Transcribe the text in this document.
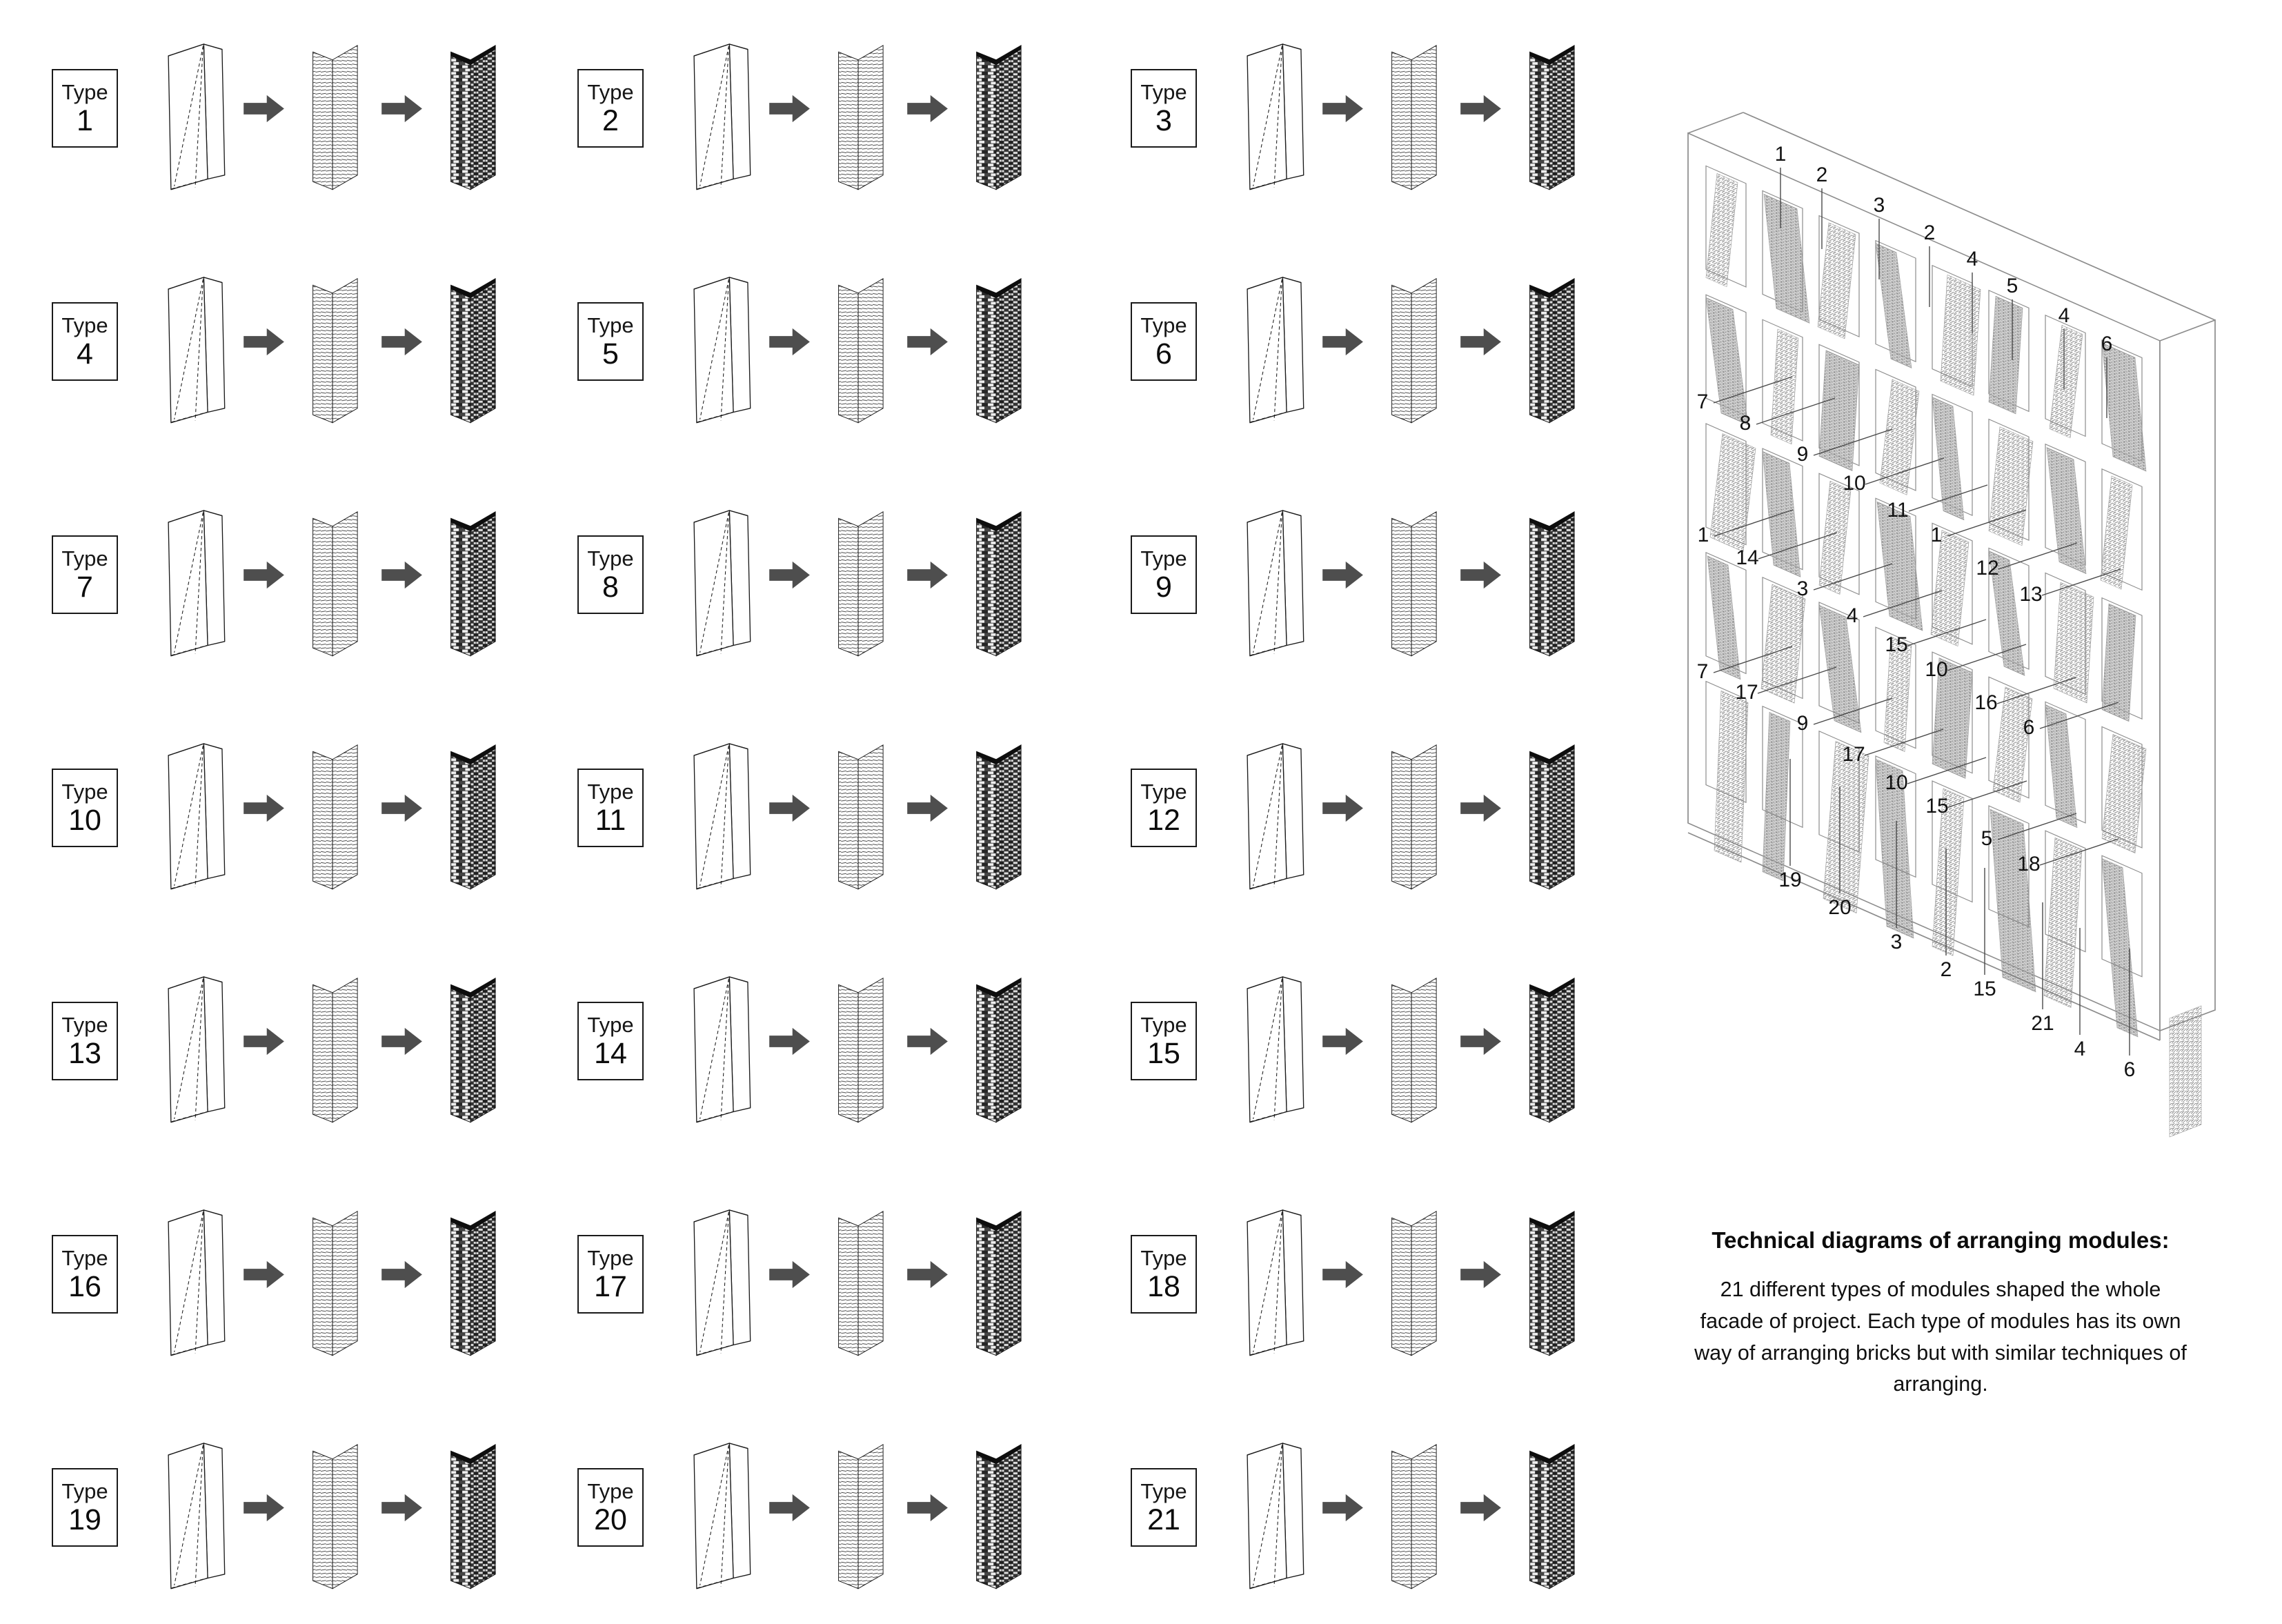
Type
1
Type
2
Type
3
Type
4
Type
5
Type
6
Type
7
Type
8
Type
9
Type
10
Type
11
Type
12
Type
13
Type
14
Type
15
Type
16
Type
17
Type
18
Type
19
Type
20
Type
21
1
2
3
2
4
5
4
6
7
8
9
10
11
1
12
13
1
14
3
4
15
10
16
6
7
17
9
17
10
15
5
18
19
20
3
2
15
21
4
6
Technical diagrams of arranging modules:

21 different types of modules shaped the whole facade of project. Each type of modules has its own way of arranging bricks but with similar techniques of arranging.
